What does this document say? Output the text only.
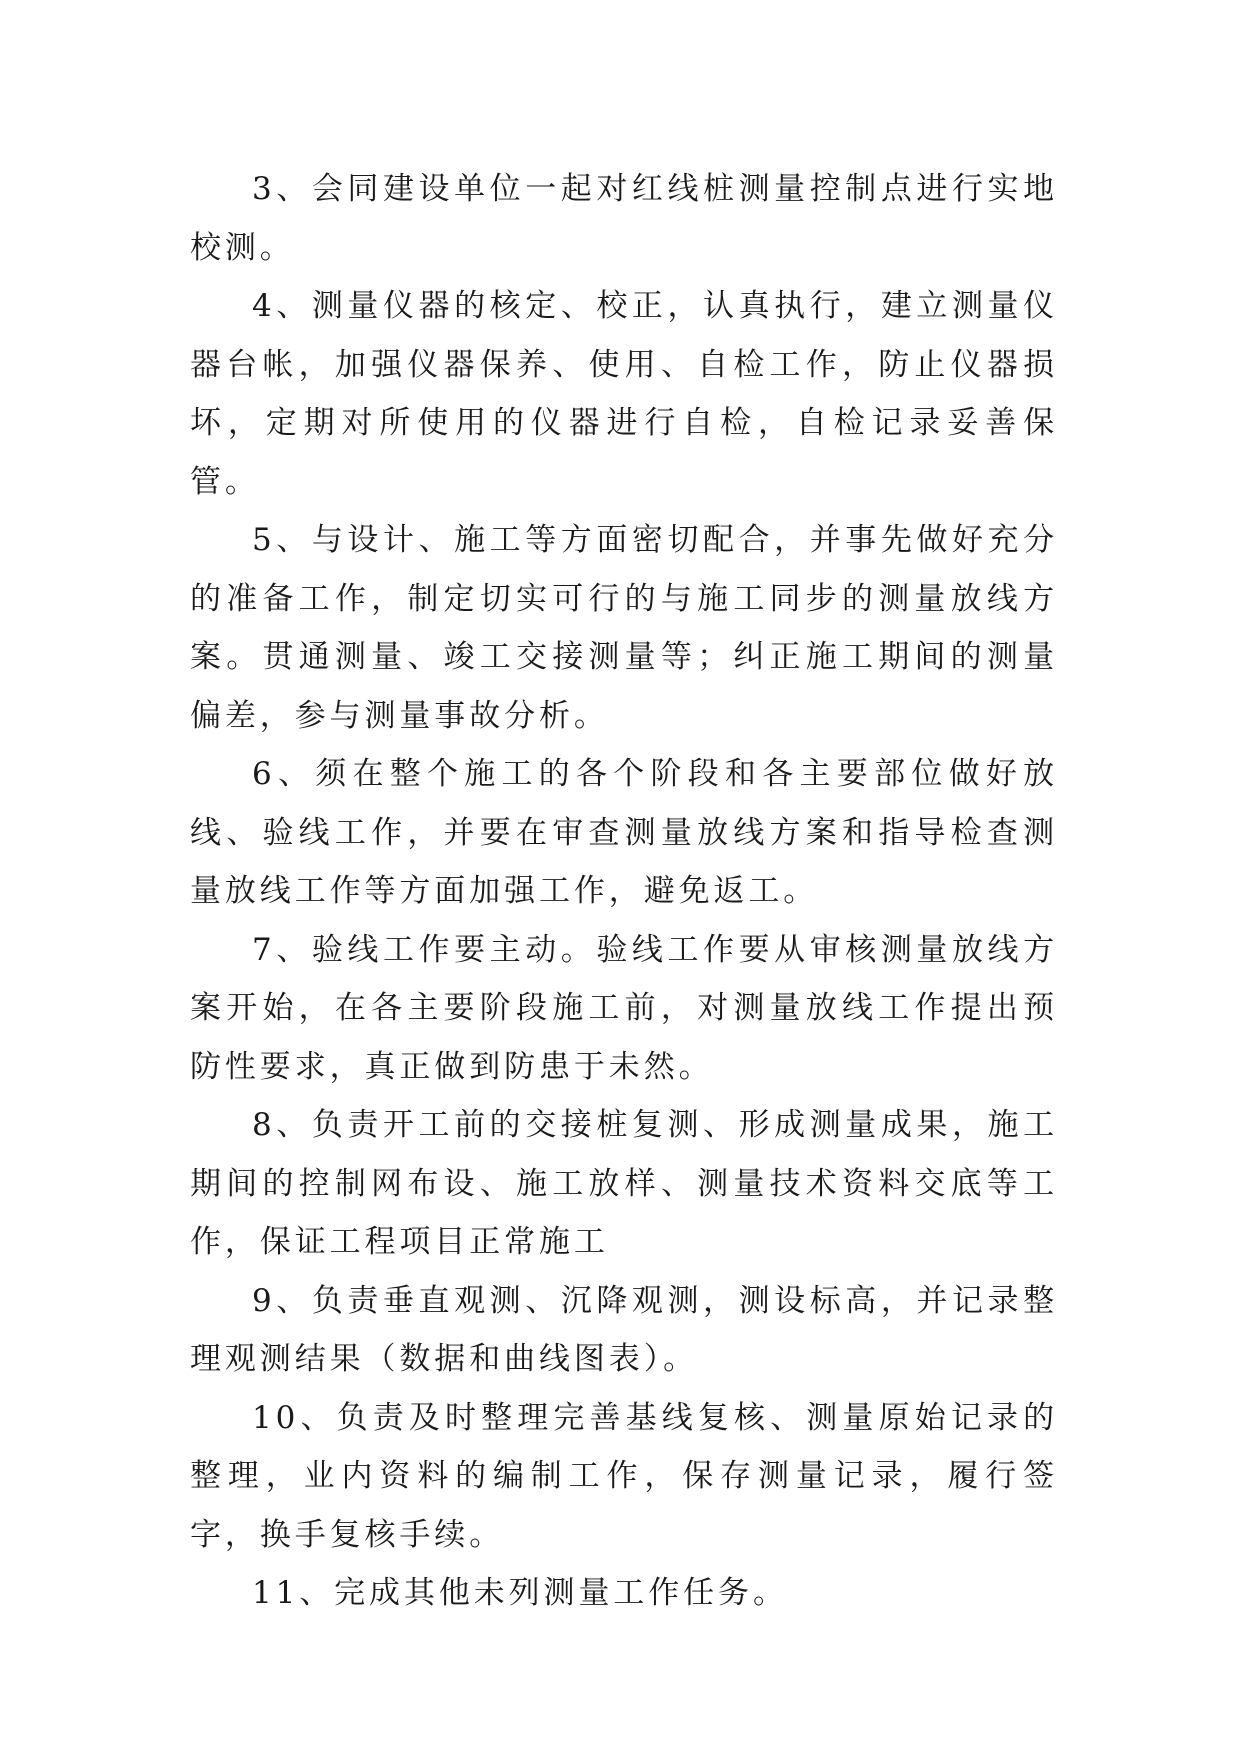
3、会同建设单位一起对红线桩测量控制点进行实地校测。

4、测量仪器的核定、校正，认真执行，建立测量仪器台帐，加强仪器保养、使用、自检工作，防止仪器损坏，定期对所使用的仪器进行自检，自检记录妥善保管。

5、与设计、施工等方面密切配合，并事先做好充分的准备工作，制定切实可行的与施工同步的测量放线方案。贯通测量、竣工交接测量等；纠正施工期间的测量偏差，参与测量事故分析。

6、须在整个施工的各个阶段和各主要部位做好放线、验线工作，并要在审查测量放线方案和指导检查测量放线工作等方面加强工作，避免返工。

7、验线工作要主动。验线工作要从审核测量放线方案开始，在各主要阶段施工前，对测量放线工作提出预防性要求，真正做到防患于未然。

8、负责开工前的交接桩复测、形成测量成果，施工期间的控制网布设、施工放样、测量技术资料交底等工作，保证工程项目正常施工

9、负责垂直观测、沉降观测，测设标高，并记录整理观测结果（数据和曲线图表）。

10、负责及时整理完善基线复核、测量原始记录的整理，业内资料的编制工作，保存测量记录，履行签字，换手复核手续。

11、完成其他未列测量工作任务。
